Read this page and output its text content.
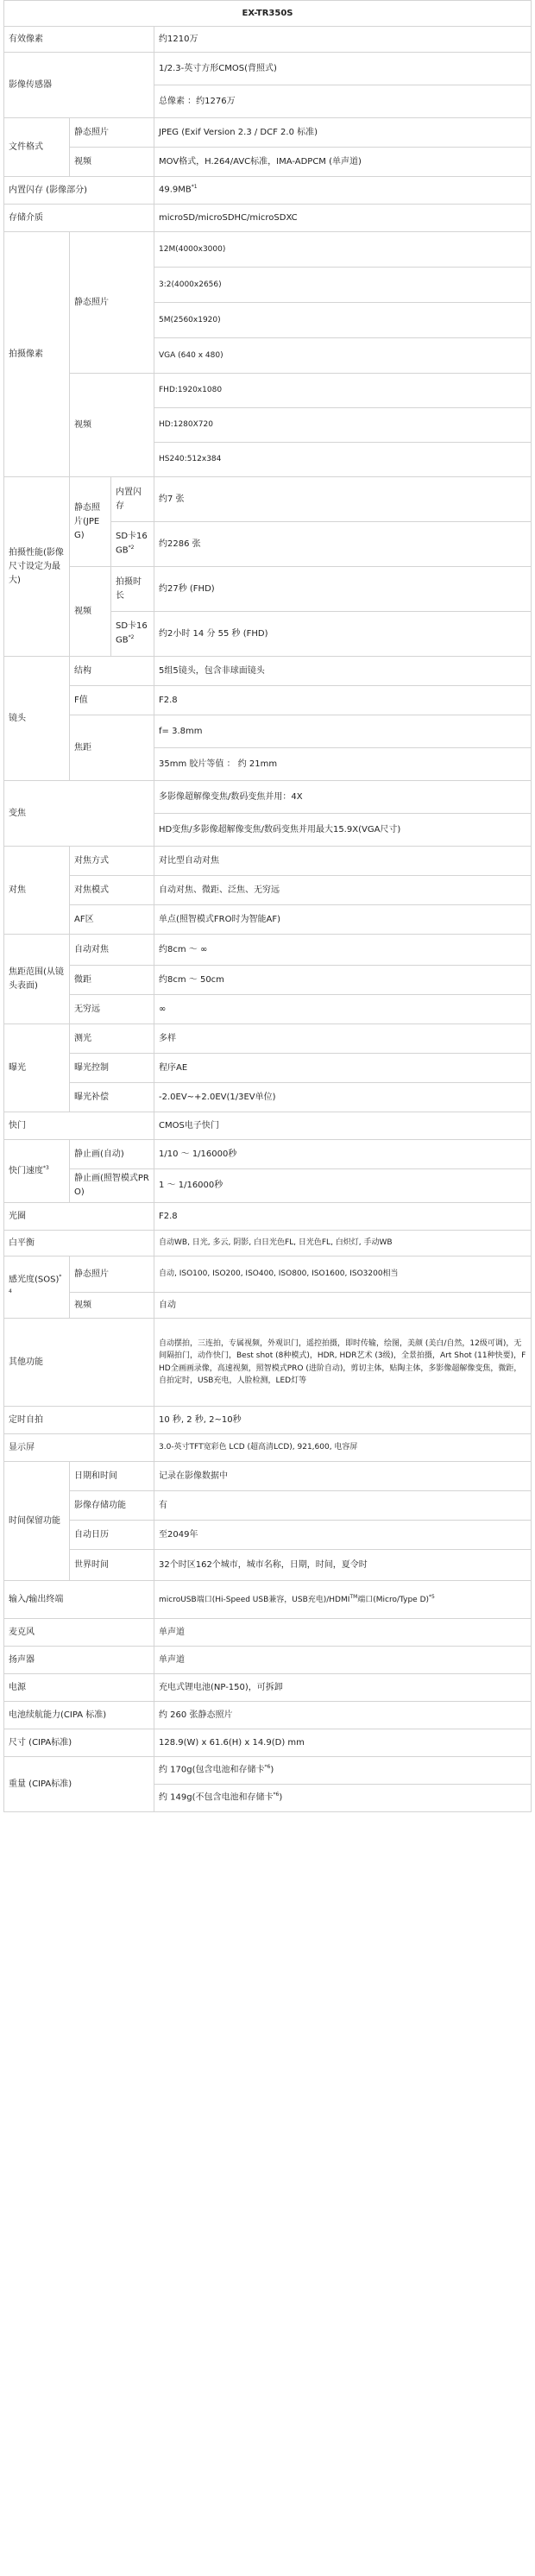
EX-TR350S			
有效像素			约1210万
影像传感器			1/2.3-英寸方形CMOS(背照式)
			总像素 ：约1276万
文件格式	静态照片		JPEG (Exif Version 2.3 / DCF 2.0 标准)
	视频		MOV格式，H.264/AVC标准，IMA-ADPCM (单声道)
内置闪存 (影像部分)			49.9MB$^{*1}$
存储介质			microSD/microSDHC/microSDXC
拍摄像素	静态照片		12M(4000x3000)
			3:2(4000x2656)
			5M(2560x1920)
			VGA (640 x 480)
	视频		FHD:1920x1080
			HD:1280X720
			HS240:512x384
拍摄性能(影像尺寸设定为最大)	静态照片(JPEG)	内置闪存	约7 张
		SD卡16GB$^{*2}$	约2286 张
	视频	拍摄时长	约27秒 (FHD)
		SD卡16GB$^{*2}$	约2小时 14 分 55 秒 (FHD)
镜头	结构		5组5镜头，包含非球面镜头
	F值		F2.8
	焦距		f= 3.8mm
			35mm 胶片等值 ： 约 21mm
变焦			多影像超解像变焦/数码变焦并用：4X
			HD变焦/多影像超解像变焦/数码变焦并用最大15.9X(VGA尺寸)
对焦	对焦方式		对比型自动对焦
	对焦模式		自动对焦、微距、泛焦、无穷远
	AF区		单点(照智模式FRO时为智能AF)
焦距范围(从镜头表面)	自动对焦		约8cm ～ ∞
	微距		约8cm ～ 50cm
	无穷远		∞
曝光	测光		多样
	曝光控制		程序AE
	曝光补偿		-2.0EV~+2.0EV(1/3EV单位)
快门			CMOS电子快门
快门速度$^{*3}$	静止画(自动)		1/10 ～ 1/16000秒
	静止画(照智模式PRO)		1 ～ 1/16000秒
光圈			F2.8
白平衡			自动WB, 日光, 多云, 阴影, 白日光色FL, 日光色FL, 白炽灯, 手动WB
感光度(SOS)$^{*4}$	静态照片		自动, ISO100, ISO200, ISO400, ISO800, ISO1600, ISO3200相当
	视频		自动
其他功能			自动摆拍，三连拍，专属视频，外观识门，遥控拍摄，即时传输，绘图，美颜 (美白/自然，12级可调)，无间隔拍门，动作快门，Best shot (8种模式)，HDR, HDR艺术 (3级)，全景拍摄，Art Shot (11种快要)，FHD全画画录像，高速视频，照智模式PRO (进阶自动)，剪切主体，贴陶主体，多影像超解像变焦，微距，自拍定时，USB充电，人脸检测，LED灯等
定时自拍			10 秒, 2 秒, 2~10秒
显示屏			3.0-英寸TFT宽彩色 LCD (超高清LCD), 921,600, 电容屏
时间保留功能	日期和时间		记录在影像数据中
	影像存储功能		有
	自动日历		至2049年
	世界时间		32个时区162个城市，城市名称，日期，时间，夏令时
输入/输出终端			microUSB端口(Hi-Speed USB兼容，USB充电)/HDMI™端口(Micro/Type D)$^{*5}$
麦克风			单声道
扬声器			单声道
电源			充电式锂电池(NP-150)，可拆卸
电池续航能力(CIPA 标准)			约 260 张静态照片
尺寸 (CIPA标准)			128.9(W) x 61.6(H) x 14.9(D) mm
重量 (CIPA标准)			约 170g(包含电池和存储卡$^{*6}$)
			约 149g(不包含电池和存储卡$^{*6}$)
